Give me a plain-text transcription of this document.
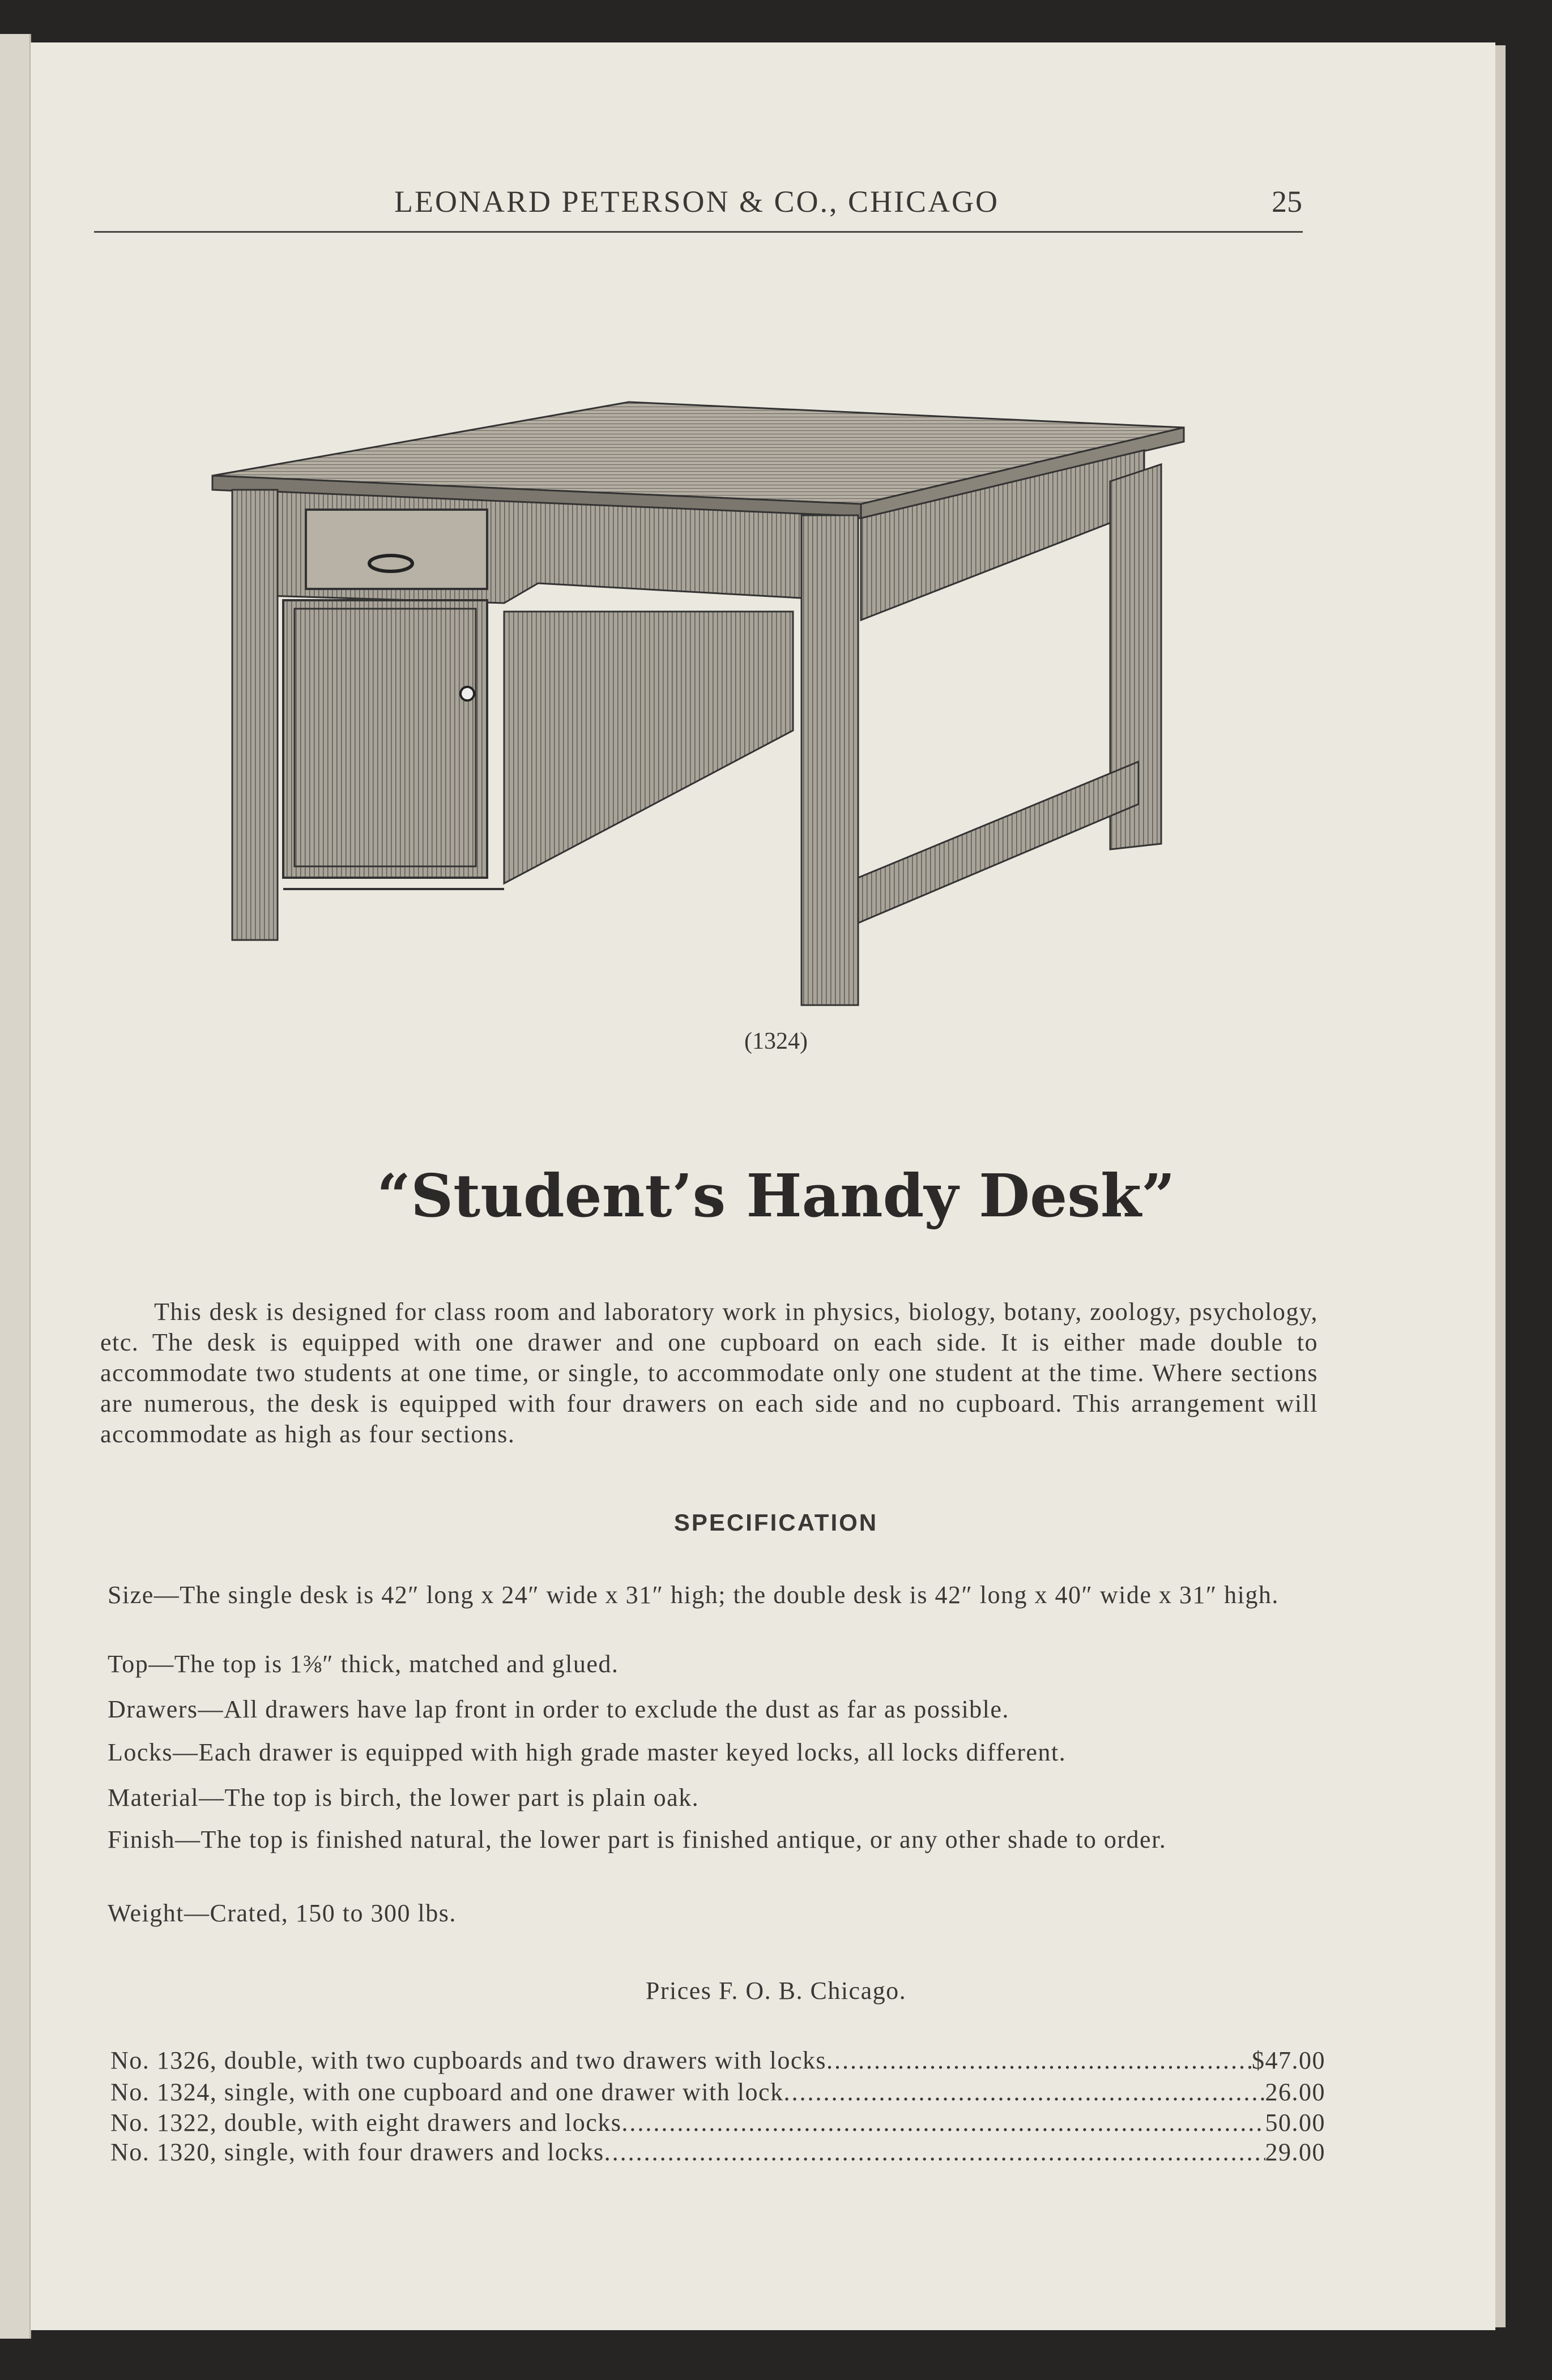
LEONARD PETERSON & CO., CHICAGO	25
(1324)
“Student’s Handy Desk”
This desk is designed for class room and laboratory work in physics, biology, botany, zoology, psychology, etc. The desk is equipped with one drawer and one cupboard on each side. It is either made double to accommodate two students at one time, or single, to accommodate only one student at the time. Where sections are numerous, the desk is equipped with four drawers on each side and no cupboard. This arrangement will accommodate as high as four sections.
SPECIFICATION
Size—The single desk is 42″ long x 24″ wide x 31″ high; the double desk is 42″ long x 40″ wide x 31″ high.
Top—The top is 1⅜″ thick, matched and glued.
Drawers—All drawers have lap front in order to exclude the dust as far as possible.
Locks—Each drawer is equipped with high grade master keyed locks, all locks different.
Material—The top is birch, the lower part is plain oak.
Finish—The top is finished natural, the lower part is finished antique, or any other shade to order.
Weight—Crated, 150 to 300 lbs.
Prices F. O. B. Chicago.
No. 1326, double, with two cupboards and two drawers with locks . . .	$47.00
No. 1324, single, with one cupboard and one drawer with lock . . .	26.00
No. 1322, double, with eight drawers and locks . . .	50.00
No. 1320, single, with four drawers and locks . . .	29.00
